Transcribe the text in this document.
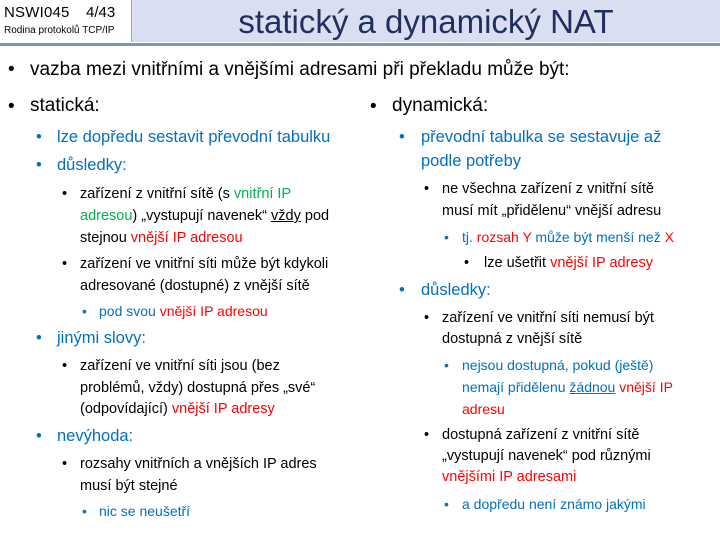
NSWI045 4/43
Rodina protokolů TCP/IP	statický a dynamický NAT
• vazba mezi vnitřními a vnějšími adresami při překladu může být:
• statická:
• lze dopředu sestavit převodní tabulku
• důsledky:
• zařízení z vnitřní sítě (s vnitřní IP
adresou) „vystupují navenek“ vždy pod
stejnou vnější IP adresou
• zařízení ve vnitřní síti může být kdykoli
adresované (dostupné) z vnější sítě
• pod svou vnější IP adresou
• jinými slovy:
• zařízení ve vnitřní síti jsou (bez
problémů, vždy) dostupná přes „své“
(odpovídající) vnější IP adresy
• nevýhoda:
• rozsahy vnitřních a vnějších IP adres
musí být stejné
• nic se neušetří
• dynamická:
• převodní tabulka se sestavuje až
podle potřeby
• ne všechna zařízení z vnitřní sítě
musí mít „přidělenu“ vnější adresu
• tj. rozsah Y může být menší než X
• lze ušetřit vnější IP adresy
• důsledky:
• zařízení ve vnitřní síti nemusí být
dostupná z vnější sítě
• nejsou dostupná, pokud (ještě)
nemají přidělenu žádnou vnější IP
adresu
• dostupná zařízení z vnitřní sítě
„vystupují navenek“ pod různými
vnějšími IP adresami
• a dopředu není známo jakými
